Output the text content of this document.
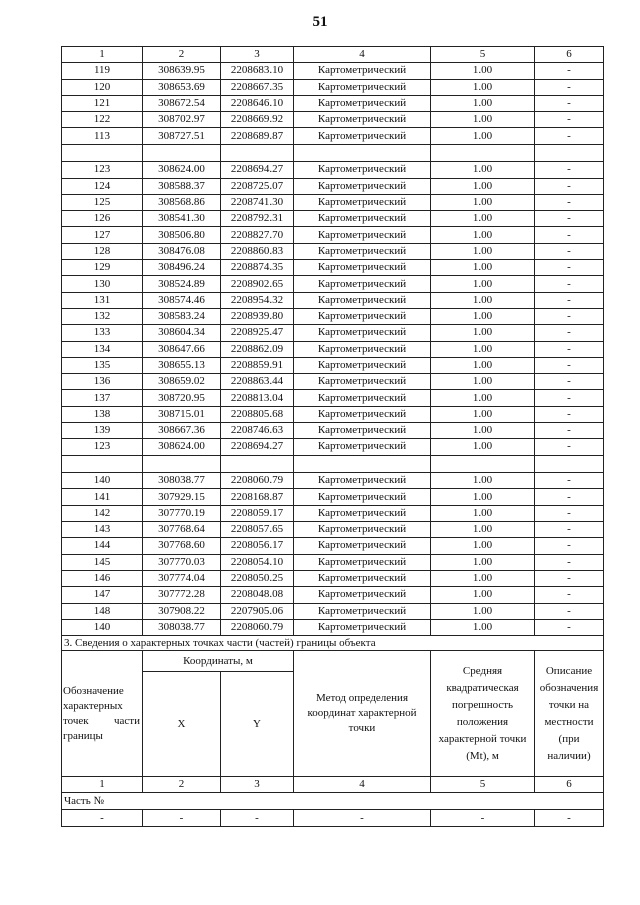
51
1	2	3	4	5	6
119	308639.95	2208683.10	Картометрический	1.00	-
120	308653.69	2208667.35	Картометрический	1.00	-
121	308672.54	2208646.10	Картометрический	1.00	-
122	308702.97	2208669.92	Картометрический	1.00	-
113	308727.51	2208689.87	Картометрический	1.00	-

123	308624.00	2208694.27	Картометрический	1.00	-
124	308588.37	2208725.07	Картометрический	1.00	-
125	308568.86	2208741.30	Картометрический	1.00	-
126	308541.30	2208792.31	Картометрический	1.00	-
127	308506.80	2208827.70	Картометрический	1.00	-
128	308476.08	2208860.83	Картометрический	1.00	-
129	308496.24	2208874.35	Картометрический	1.00	-
130	308524.89	2208902.65	Картометрический	1.00	-
131	308574.46	2208954.32	Картометрический	1.00	-
132	308583.24	2208939.80	Картометрический	1.00	-
133	308604.34	2208925.47	Картометрический	1.00	-
134	308647.66	2208862.09	Картометрический	1.00	-
135	308655.13	2208859.91	Картометрический	1.00	-
136	308659.02	2208863.44	Картометрический	1.00	-
137	308720.95	2208813.04	Картометрический	1.00	-
138	308715.01	2208805.68	Картометрический	1.00	-
139	308667.36	2208746.63	Картометрический	1.00	-
123	308624.00	2208694.27	Картометрический	1.00	-

140	308038.77	2208060.79	Картометрический	1.00	-
141	307929.15	2208168.87	Картометрический	1.00	-
142	307770.19	2208059.17	Картометрический	1.00	-
143	307768.64	2208057.65	Картометрический	1.00	-
144	307768.60	2208056.17	Картометрический	1.00	-
145	307770.03	2208054.10	Картометрический	1.00	-
146	307774.04	2208050.25	Картометрический	1.00	-
147	307772.28	2208048.08	Картометрический	1.00	-
148	307908.22	2207905.06	Картометрический	1.00	-
140	308038.77	2208060.79	Картометрический	1.00	-
3. Сведения о характерных точках части (частей) границы объекта					
Обозначение характерных точек части границы	Координаты, м		Метод определения координат характерной точки	Средняя квадратическая погрешность положения характерной точки (Mt), м	Описание обозначения точки на местности (при наличии)
	X	Y			
1	2	3	4	5	6
Часть №					
-	-	-	-	-	-
